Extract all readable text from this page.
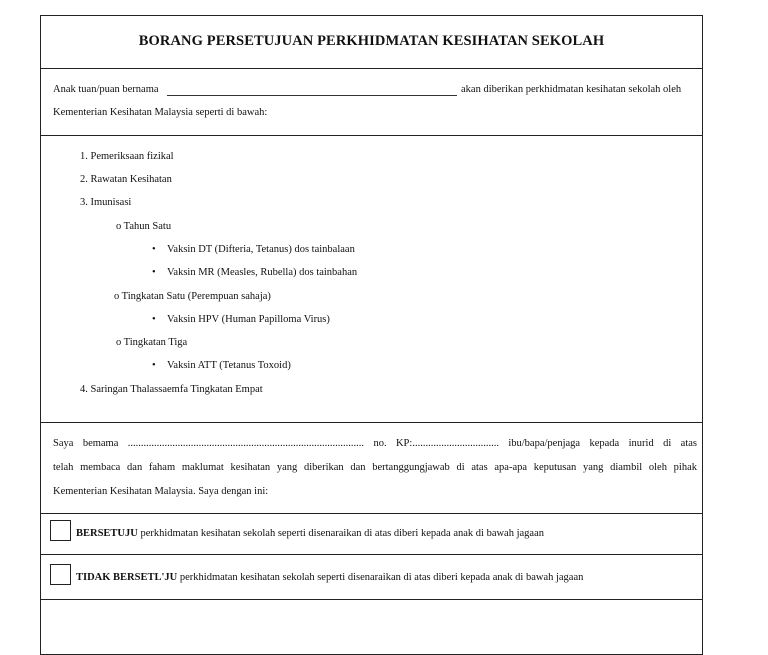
BORANG PERSETUJUAN PERKHIDMATAN KESIHATAN SEKOLAH
Anak tuan/puan bernama	akan diberikan perkhidmatan kesihatan sekolah oleh
Kementerian Kesihatan Malaysia seperti di bawah:
1. Pemeriksaan fizikal
2. Rawatan Kesihatan
3. Imunisasi
o Tahun Satu
• Vaksin DT (Difteria, Tetanus) dos tainbalaan
• Vaksin MR (Measles, Rubella) dos tainbahan
o Tingkatan Satu (Perempuan sahaja)
• Vaksin HPV (Human Papilloma Virus)
o Tingkatan Tiga
• Vaksin ATT (Tetanus Toxoid)
4. Saringan Thalassaemfa Tingkatan Empat
Saya bemama .......................................................................................... no. KP:................................. ibu/bapa/penjaga kepada inurid di atas
telah membaca dan faham maklumat kesihatan yang diberikan dan bertanggungjawab di atas apa-apa keputusan yang diambil oleh pihak
Kementerian Kesihatan Malaysia. Saya dengan ini:
BERSETUJU perkhidmatan kesihatan sekolah seperti disenaraikan di atas diberi kepada anak di bawah jagaan
TIDAK BERSETL'JU perkhidmatan kesihatan sekolah seperti disenaraikan di atas diberi kepada anak di bawah jagaan
